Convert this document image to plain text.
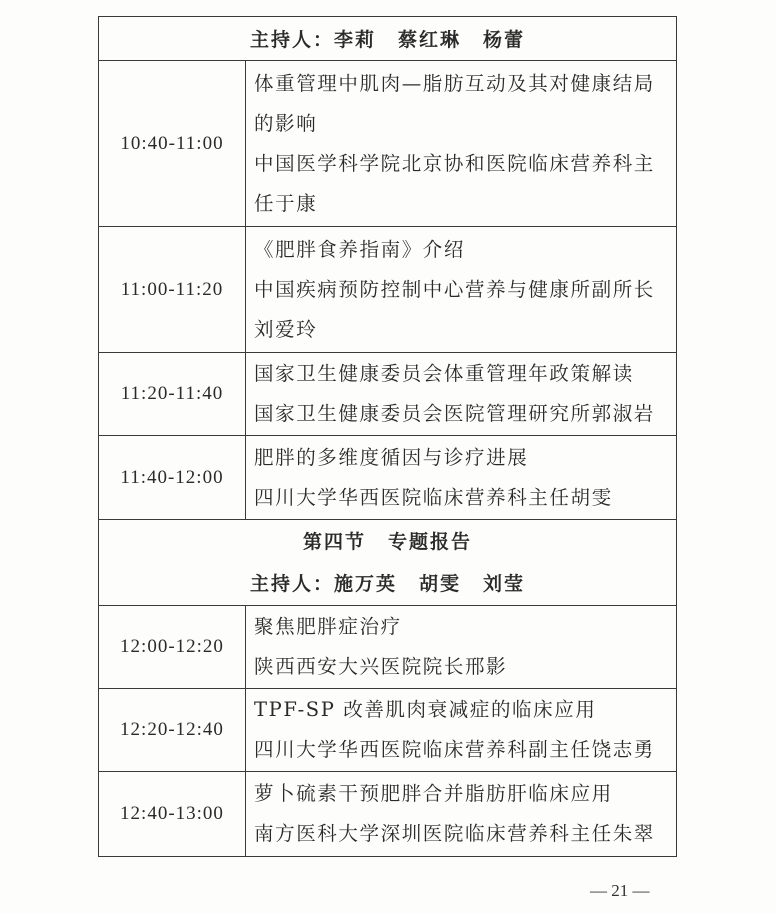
主持人：李莉 蔡红琳 杨蕾	
10:40-11:00	体重管理中肌肉—脂肪互动及其对健康结局
的影响
中国医学科学院北京协和医院临床营养科主
任于康

11:00-11:20	《肥胖食养指南》介绍
中国疾病预防控制中心营养与健康所副所长
刘爱玲

11:20-11:40	国家卫生健康委员会体重管理年政策解读
国家卫生健康委员会医院管理研究所郭淑岩

11:40-12:00	肥胖的多维度循因与诊疗进展
四川大学华西医院临床营养科主任胡雯

第四节 专题报告
主持人：施万英 胡雯 刘莹	

12:00-12:20	聚焦肥胖症治疗
陕西西安大兴医院院长邢影

12:20-12:40	TPF-SP 改善肌肉衰减症的临床应用
四川大学华西医院临床营养科副主任饶志勇

12:40-13:00	萝卜硫素干预肥胖合并脂肪肝临床应用
南方医科大学深圳医院临床营养科主任朱翠
— 21 —
